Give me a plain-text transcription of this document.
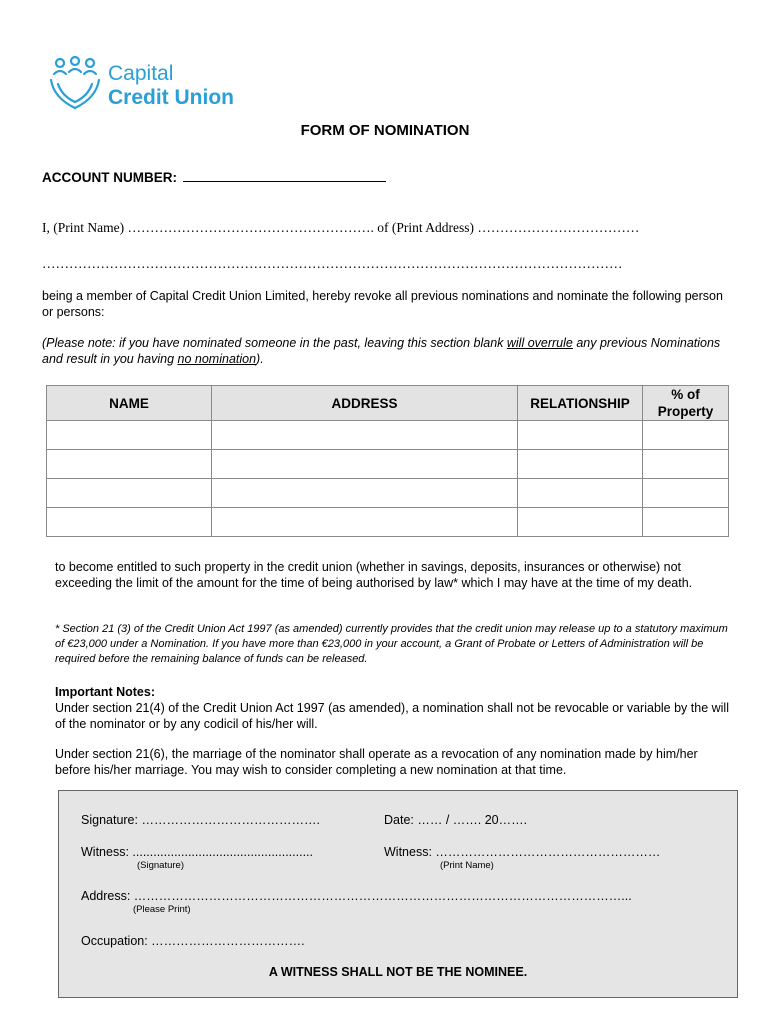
Capital
Credit Union
FORM OF NOMINATION
ACCOUNT NUMBER:
I, (Print Name) ………………………………………………. of (Print Address) ………………………………
…………………………………………………………………………………………………………………
being a member of Capital Credit Union Limited, hereby revoke all previous nominations and nominate the following person or persons:
(Please note: if you have nominated someone in the past, leaving this section blank will overrule any previous Nominations and result in you having no nomination).
NAME	ADDRESS	RELATIONSHIP	% of
Property

to become entitled to such property in the credit union (whether in savings, deposits, insurances or otherwise) not exceeding the limit of the amount for the time of being authorised by law* which I may have at the time of my death.
* Section 21 (3) of the Credit Union Act 1997 (as amended) currently provides that the credit union may release up to a statutory maximum of €23,000 under a Nomination. If you have more than €23,000 in your account, a Grant of Probate or Letters of Administration will be required before the remaining balance of funds can be released.
Important Notes:
Under section 21(4) of the Credit Union Act 1997 (as amended), a nomination shall not be revocable or variable by the will of the nominator or by any codicil of his/her will.
Under section 21(6), the marriage of the nominator shall operate as a revocation of any nomination made by him/her before his/her marriage. You may wish to consider completing a new nomination at that time.
Signature: …………………………………….	Date: …… / ……. 20…….
Witness: ....................................................
(Signature)
Witness: ………………………………………………
(Print Name)
Address: ………………………………………………………………………………………………………...
(Please Print)
Occupation: ……………………………….
A WITNESS SHALL NOT BE THE NOMINEE.
